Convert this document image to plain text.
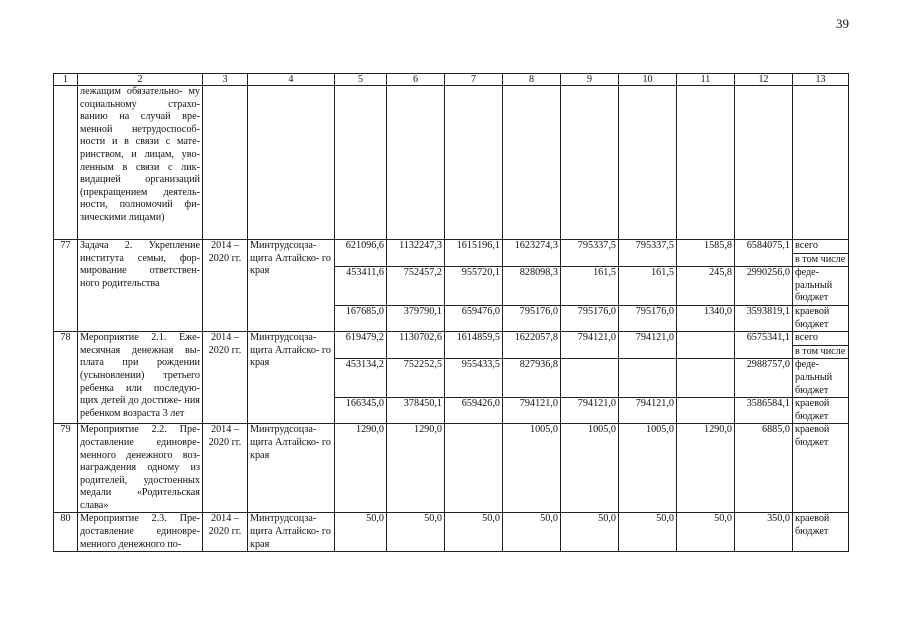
39
1	2	3	4	5	6	7	8	9	10	11	12	13
	лежащим обязательно- му социальному страхо- ванию на случай вре- менной нетрудоспособ- ности и в связи с мате- ринством, и лицам, уво- ленным в связи с лик- видацией организаций (прекращением деятель- ности, полномочий фи- зическими лицами)											
77	Задача 2. Укрепление института семьи, фор- мирование ответствен- ного родительства	2014 – 2020 гг.	Минтрудсоцза- щита Алтайско- го края	621096,6	1132247,3	1615196,1	1623274,3	795337,5	795337,5	1585,8	6584075,1	всего
												в том числе
				453411,6	752457,2	955720,1	828098,3	161,5	161,5	245,8	2990256,0	феде- ральный бюджет
				167685,0	379790,1	659476,0	795176,0	795176,0	795176,0	1340,0	3593819,1	краевой бюджет
78	Мероприятие 2.1. Еже- месячная денежная вы- плата при рождении (усыновлении) третьего ребенка или последую- щих детей до достиже- ния ребенком возраста 3 лет	2014 – 2020 гг.	Минтрудсоцза- щита Алтайско- го края	619479,2	1130702,6	1614859,5	1622057,8	794121,0	794121,0		6575341,1	всего
												в том числе
				453134,2	752252,5	955433,5	827936,8				2988757,0	феде- ральный бюджет
				166345,0	378450,1	659426,0	794121,0	794121,0	794121,0		3586584,1	краевой бюджет
79	Мероприятие 2.2. Пре- доставление единовре- менного денежного воз- награждения одному из родителей, удостоенных медали «Родительская слава»	2014 – 2020 гг.	Минтрудсоцза- щита Алтайско- го края	1290,0	1290,0		1005,0	1005,0	1005,0	1290,0	6885,0	краевой бюджет
80	Мероприятие 2.3. Пре- доставление единовре- менного денежного по-	2014 – 2020 гг.	Минтрудсоцза- щита Алтайско- го края	50,0	50,0	50,0	50,0	50,0	50,0	50,0	350,0	краевой бюджет
